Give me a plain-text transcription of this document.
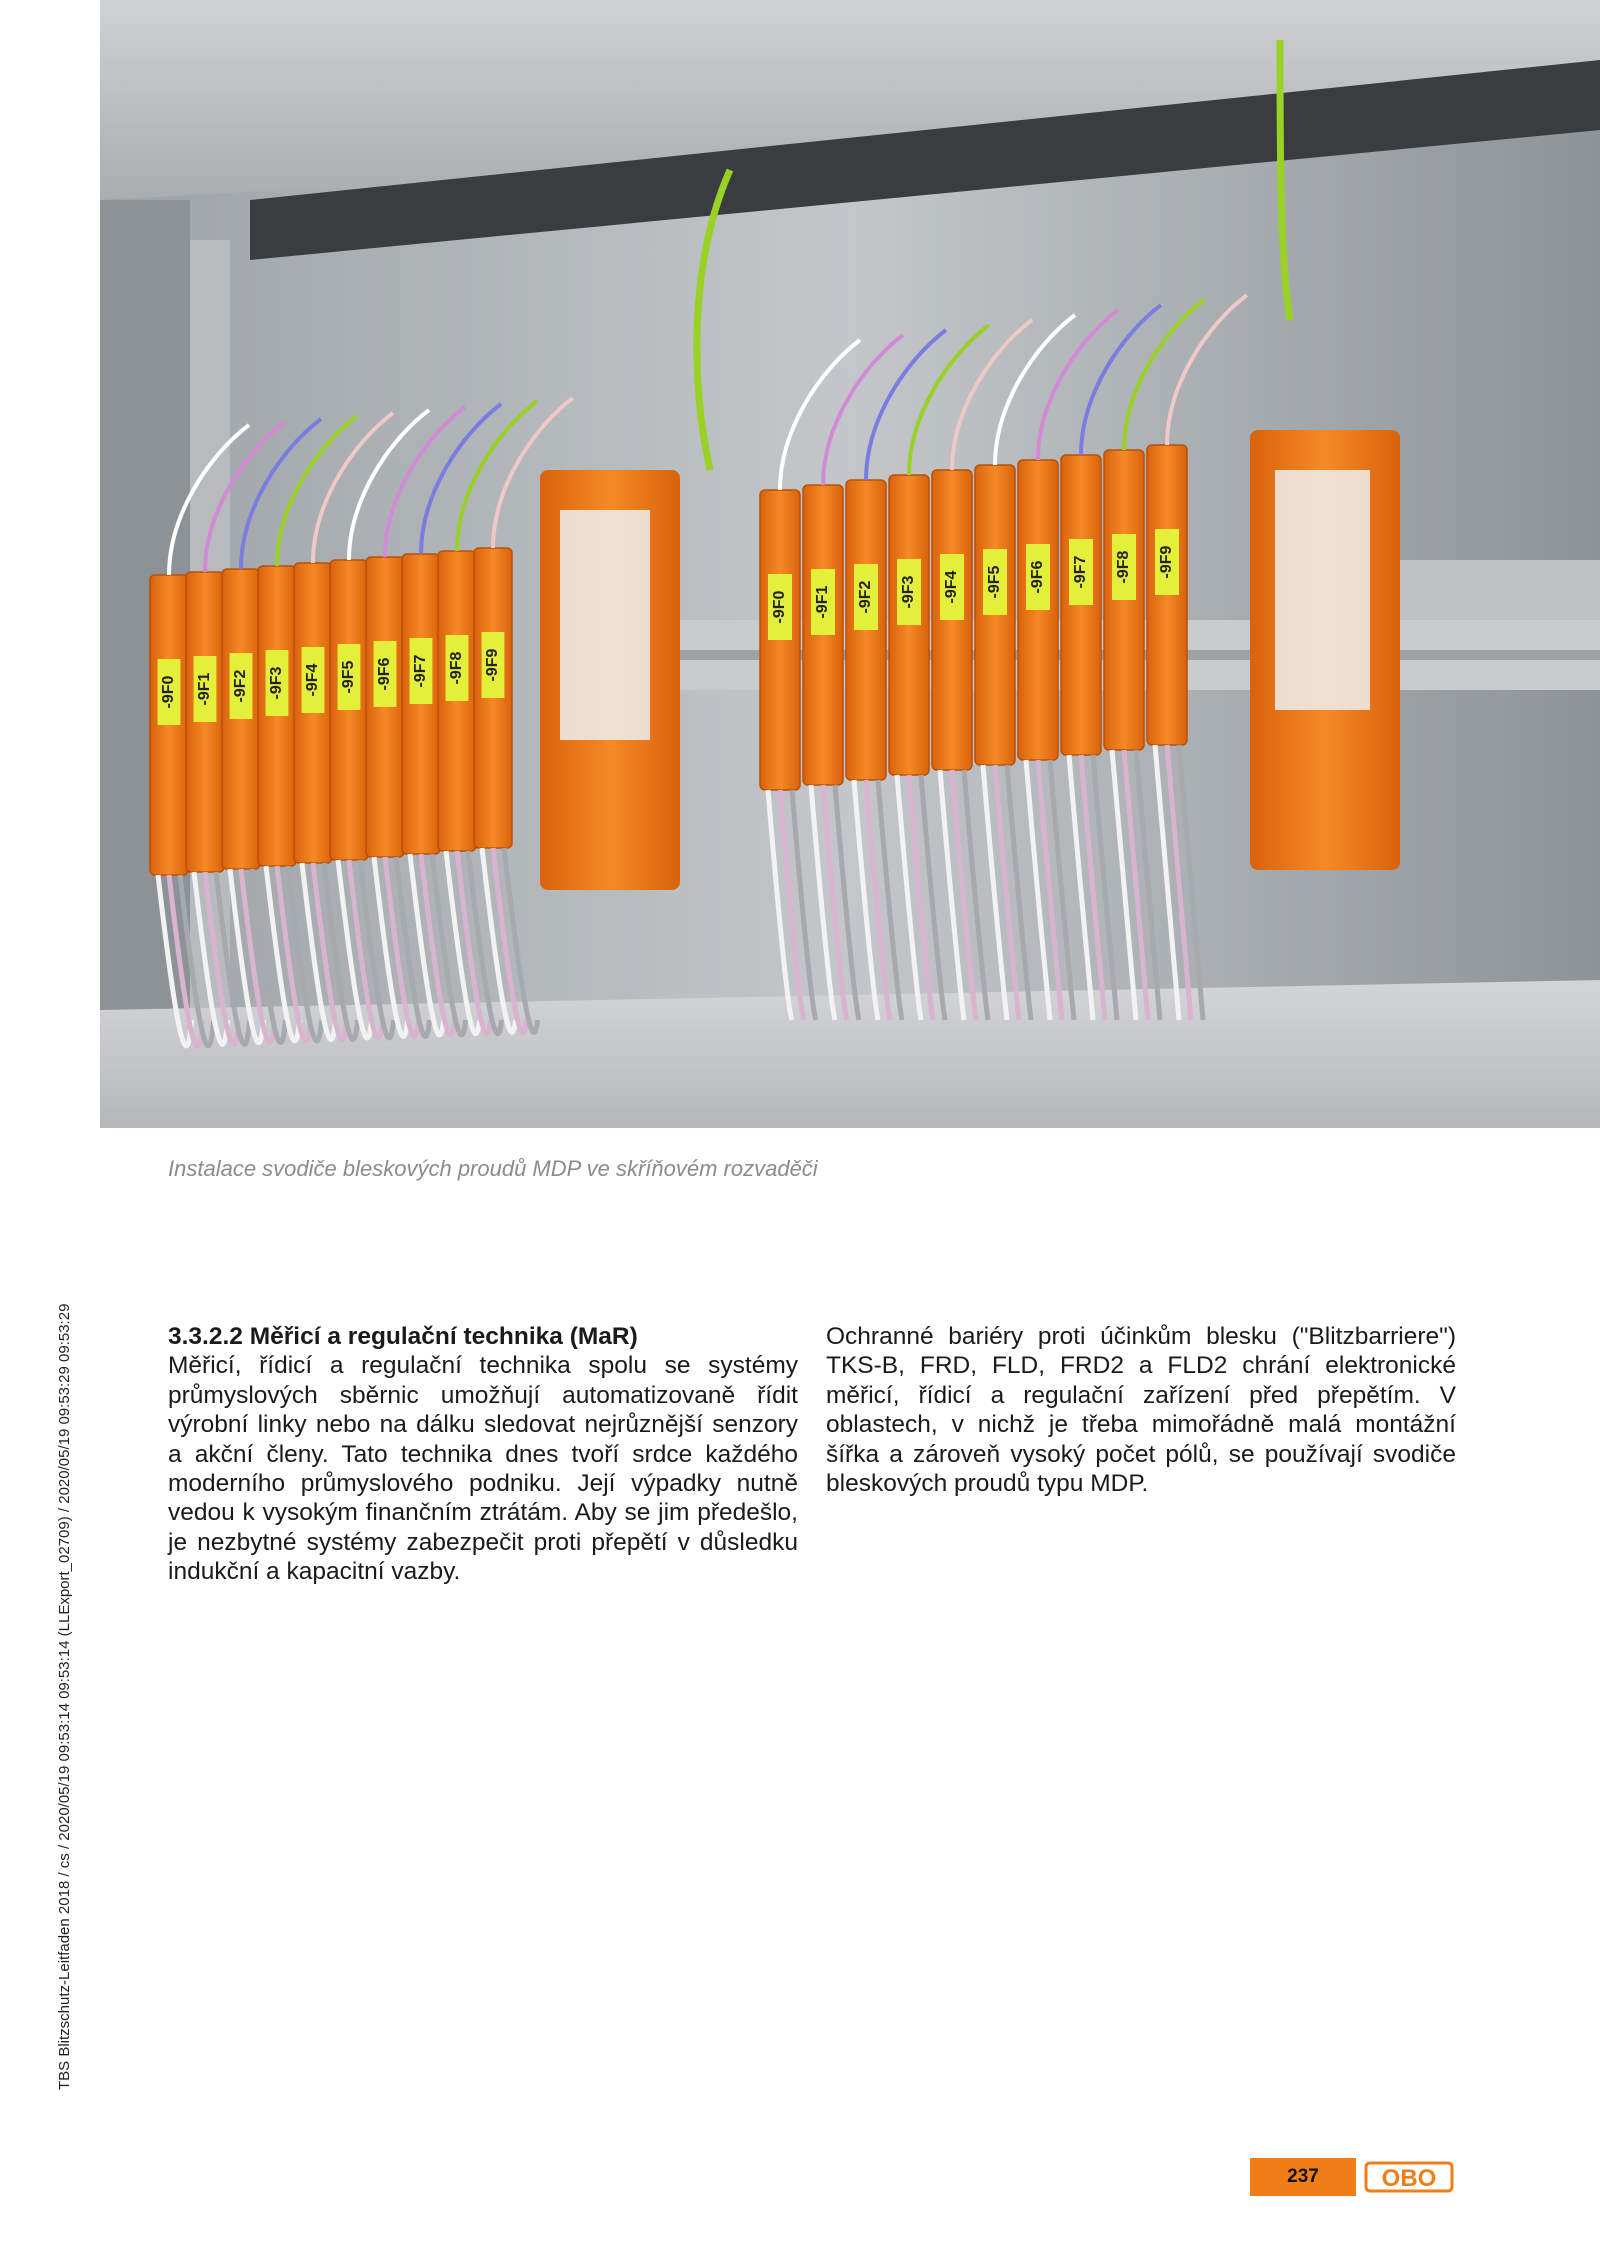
-9F0 -9F1 -9F2 -9F3 -9F4 -9F5 -9F6 -9F7 -9F8 -9F9
-9F0 -9F1 -9F2 -9F3 -9F4 -9F5 -9F6 -9F7 -9F8 -9F9
Instalace svodiče bleskových proudů MDP ve skříňovém rozvaděči
TBS Blitzschutz-Leitfaden 2018 / cs / 2020/05/19 09:53:14 09:53:14 (LLExport_02709) / 2020/05/19 09:53:29 09:53:29	3.3.2.2 Měřicí a regulační technika (MaR)
Měřicí, řídicí a regulační technika spolu se systémy průmyslových sběrnic umožňují automatizovaně řídit výrobní linky nebo na dálku sledovat nejrůznější senzory a akční členy. Tato technika dnes tvoří srdce každého moderního průmyslového podniku. Její výpadky nutně vedou k vysokým finančním ztrátám. Aby se jim předešlo, je nezbytné systémy zabezpečit proti přepětí v důsledku indukční a kapacitní vazby.
Ochranné bariéry proti účinkům blesku ("Blitzbarriere") TKS-B, FRD, FLD, FRD2 a FLD2 chrání elektronické měřicí, řídicí a regulační zařízení před přepětím. V oblastech, v nichž je třeba mimořádně malá montážní šířka a zároveň vysoký počet pólů, se používají svodiče bleskových proudů typu MDP.
237	OBO
